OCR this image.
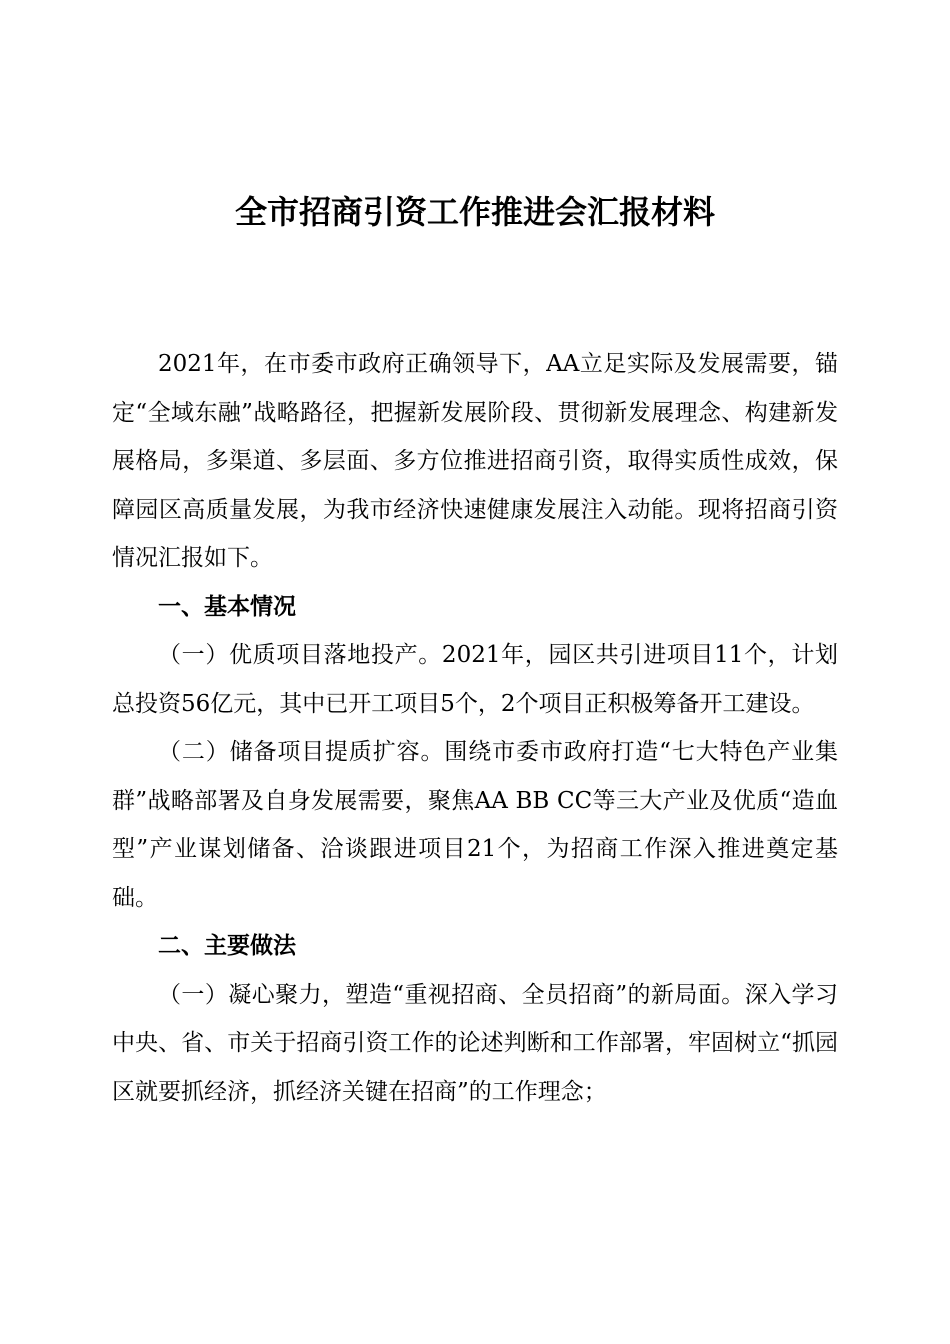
全市招商引资工作推进会汇报材料

2021年，在市委市政府正确领导下，AA立足实际及发展需要，锚定“全域东融”战略路径，把握新发展阶段、贯彻新发展理念、构建新发展格局，多渠道、多层面、多方位推进招商引资，取得实质性成效，保障园区高质量发展，为我市经济快速健康发展注入动能。现将招商引资情况汇报如下。

一、基本情况

（一）优质项目落地投产。2021年，园区共引进项目11个，计划总投资56亿元，其中已开工项目5个，2个项目正积极筹备开工建设。

（二）储备项目提质扩容。围绕市委市政府打造“七大特色产业集群”战略部署及自身发展需要，聚焦AA BB CC等三大产业及优质“造血型”产业谋划储备、洽谈跟进项目21个，为招商工作深入推进奠定基础。

二、主要做法

（一）凝心聚力，塑造“重视招商、全员招商”的新局面。深入学习中央、省、市关于招商引资工作的论述判断和工作部署，牢固树立“抓园区就要抓经济，抓经济关键在招商”的工作理念；
